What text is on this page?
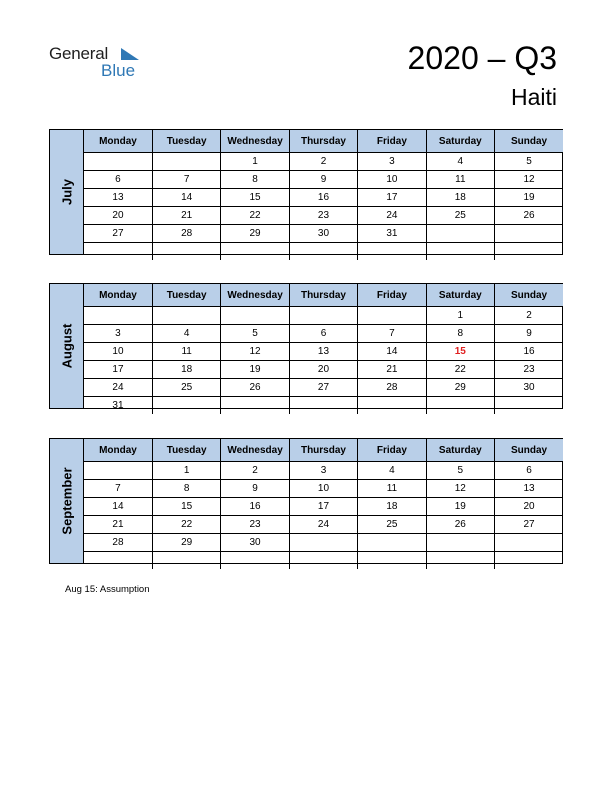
General
Blue	2020 – Q3
Haiti
July
Monday	Tuesday	Wednesday	Thursday	Friday	Saturday	Sunday
		1	2	3	4	5
6	7	8	9	10	11	12
13	14	15	16	17	18	19
20	21	22	23	24	25	26
27	28	29	30	31		

August
Monday	Tuesday	Wednesday	Thursday	Friday	Saturday	Sunday
					1	2
3	4	5	6	7	8	9
10	11	12	13	14	15	16
17	18	19	20	21	22	23
24	25	26	27	28	29	30
31						
September
Monday	Tuesday	Wednesday	Thursday	Friday	Saturday	Sunday
	1	2	3	4	5	6
7	8	9	10	11	12	13
14	15	16	17	18	19	20
21	22	23	24	25	26	27
28	29	30				

Aug 15: Assumption
